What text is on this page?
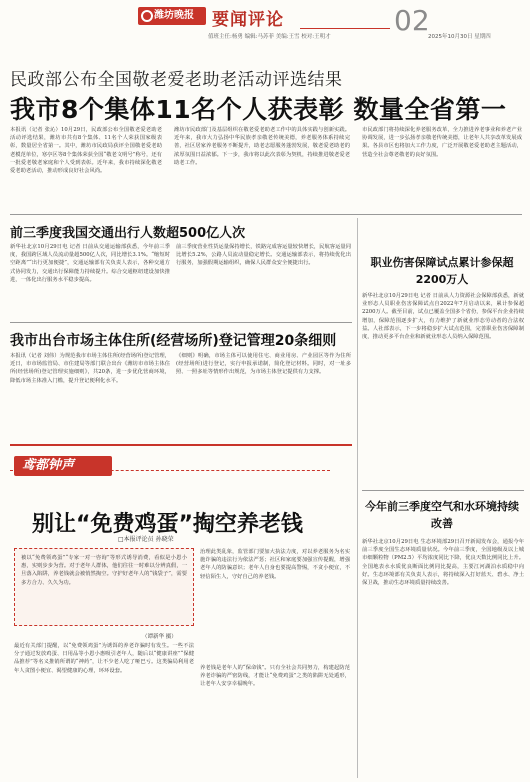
潍坊晚报	要闻评论	02
值班主任:杨勇 编辑:马苏菲 美编:王雪 校对:王明才	2025年10月30日 星期四
民政部公布全国敬老爱老助老活动评选结果
我市8个集体11名个人获表彰 数量全省第一
本报讯（记者 张沁）10月29日，民政部公布全国敬老爱老助老活动评选结果，潍坊市共有8个集体、11名个人荣获国家级表彰，数量居全省第一。其中，潍坊市民政局获评全国敬老爱老助老模范单位，寒亭区等8个集体荣获全国“敬老文明号”称号，还有一批爱老敬老家庭和个人受到表彰。近年来，我市持续深化敬老爱老助老活动，推动形成良好社会风尚。
潍坊市民政部门及基层组织在敬老爱老助老工作中的具体实践与创新实践。近年来，我市大力弘扬中华民族孝亲敬老传统美德，养老服务体系持续完善，社区居家养老服务不断提升，助老志愿服务蓬勃发展，敬老爱老助老的浓厚氛围日益浓郁。下一步，我市将以此次表彰为契机，持续推进敬老爱老助老工作。
市民政部门将持续深化养老服务改革，全力推进养老事业和养老产业协调发展，进一步弘扬孝亲敬老传统美德，让老年人共享改革发展成果。各县市区也将加大工作力度，广泛开展敬老爱老助老主题活动，营造全社会尊老敬老的良好氛围。
前三季度我国交通出行人数超500亿人次
新华社北京10月29日电 记者 日前从交通运输部获悉，今年前三季度，我国跨区域人员流动量超500亿人次，同比增长3.1%。“缩短时空距离”“出行更加便捷”，交通运输部有关负责人表示，各种交通方式协同发力，交通出行保障能力持续提升。综合交通枢纽建设加快推进，一体化出行服务水平稳步提高。
前三季度营业性货运量保持增长，铁路完成客运量较快增长，民航客运量同比增长5.2%，公路人员流动量稳定增长。交通运输部表示，将持续优化出行服务，加强假期运输组织，确保人民群众安全便捷出行。
我市出台市场主体住所(经营场所)登记管理20条细则
本报讯（记者 刘伟）为规范我市市场主体住所(经营场所)登记管理，近日，市市场监管局、市住建局等部门联合出台《潍坊市市场主体住所(经营场所)登记管理实施细则》，共20条，进一步优化营商环境，降低市场主体准入门槛，提升登记便利化水平。
《细则》明确，市场主体可以使用住宅、商业用房、产业园区等作为住所(经营场所)进行登记，实行申报承诺制，简化登记材料。同时，对一址多照、一照多址等情形作出规范，为市场主体登记提供有力支撑。
职业伤害保障试点累计参保超2200万人
新华社北京10月29日电 记者 日前从人力资源社会保障部获悉，新就业形态人员职业伤害保障试点自2022年7月启动以来，累计参保超2200万人。截至目前，试点已覆盖全国多个省份，参保平台企业持续增加，保障范围逐步扩大，有力维护了新就业形态劳动者的合法权益。人社部表示，下一步将稳步扩大试点范围，完善职业伤害保障制度，推动更多平台企业和新就业形态人员纳入保障范围。
今年前三季度空气和水环境持续改善
新华社北京10月29日电 生态环境部29日召开新闻发布会，通报今年前三季度全国生态环境质量状况。今年前三季度，全国地级及以上城市细颗粒物（PM2.5）平均浓度同比下降，优良天数比例同比上升。全国地表水水质优良断面比例同比提高，主要江河湖泊水质稳中向好。生态环境部有关负责人表示，将持续深入打好蓝天、碧水、净土保卫战，推动生态环境质量持续改善。
鸢都钟声
别让“免费鸡蛋”掏空养老钱
□本报评论员 孙晓荣
被以“免费领鸡蛋”“专家一对一咨询”等形式诱导消费，看似是小恩小惠，实则步步为营。对于老年人群体，他们往往一时难以分辨真假，一旦落入陷阱，养老钱就会被悄然掏空。守护好老年人的“钱袋子”，需要多方合力、久久为功。
（谭新华 摄）
最近有关部门提醒，以“免费领鸡蛋”为诱饵的养老诈骗时有发生。一些不法分子通过发放鸡蛋、日用品等小恩小惠吸引老年人，随后以“健康讲座”“保健品推荐”等名义推销所谓的“神药”，让不少老人吃了哑巴亏。这类骗局利用老年人贪图小便宜、渴望健康的心理，环环设套。
治理此类乱象，监管部门要加大执法力度，对以养老服务为名实施诈骗的违法行为依法严惩；社区和家庭要加强宣传提醒，增强老年人的防骗意识；老年人自身也要提高警惕，不贪小便宜，不轻信陌生人，守好自己的养老钱。
养老钱是老年人的“保命钱”。只有全社会共同努力，构建起防范养老诈骗的严密防线，才能让“免费鸡蛋”之类的陷阱无处遁形，让老年人安享幸福晚年。
